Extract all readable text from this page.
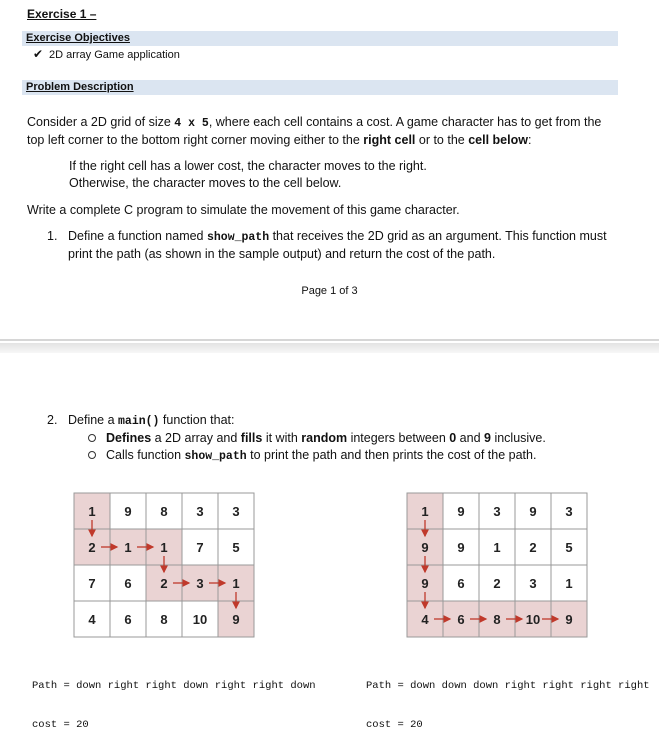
Exercise 1 –
Exercise Objectives
✔ 2D array Game application
Problem Description

Consider a 2D grid of size 4 x 5, where each cell contains a cost. A game character has to get from the top left corner to the bottom right corner moving either to the right cell or to the cell below:

If the right cell has a lower cost, the character moves to the right.

Otherwise, the character moves to the cell below.

Write a complete C program to simulate the movement of this game character.

1. Define a function named show_path that receives the 2D grid as an argument. This function must print the path (as shown in the sample output) and return the cost of the path.

Page 1 of 3

2. Define a main() function that:

Defines a 2D array and fills it with random integers between 0 and 9 inclusive.

Calls function show_path to print the path and then prints the cost of the path.

1 9 8 3 3
2 1 1 7 5
7 6 2 3 1
4 6 8 10 9
1 9 3 9 3
9 9 1 2 5
9 6 2 3 1
4 6 8 10 9

Path = down right right down right right down

cost = 20

Path = down down down right right right right

cost = 20
